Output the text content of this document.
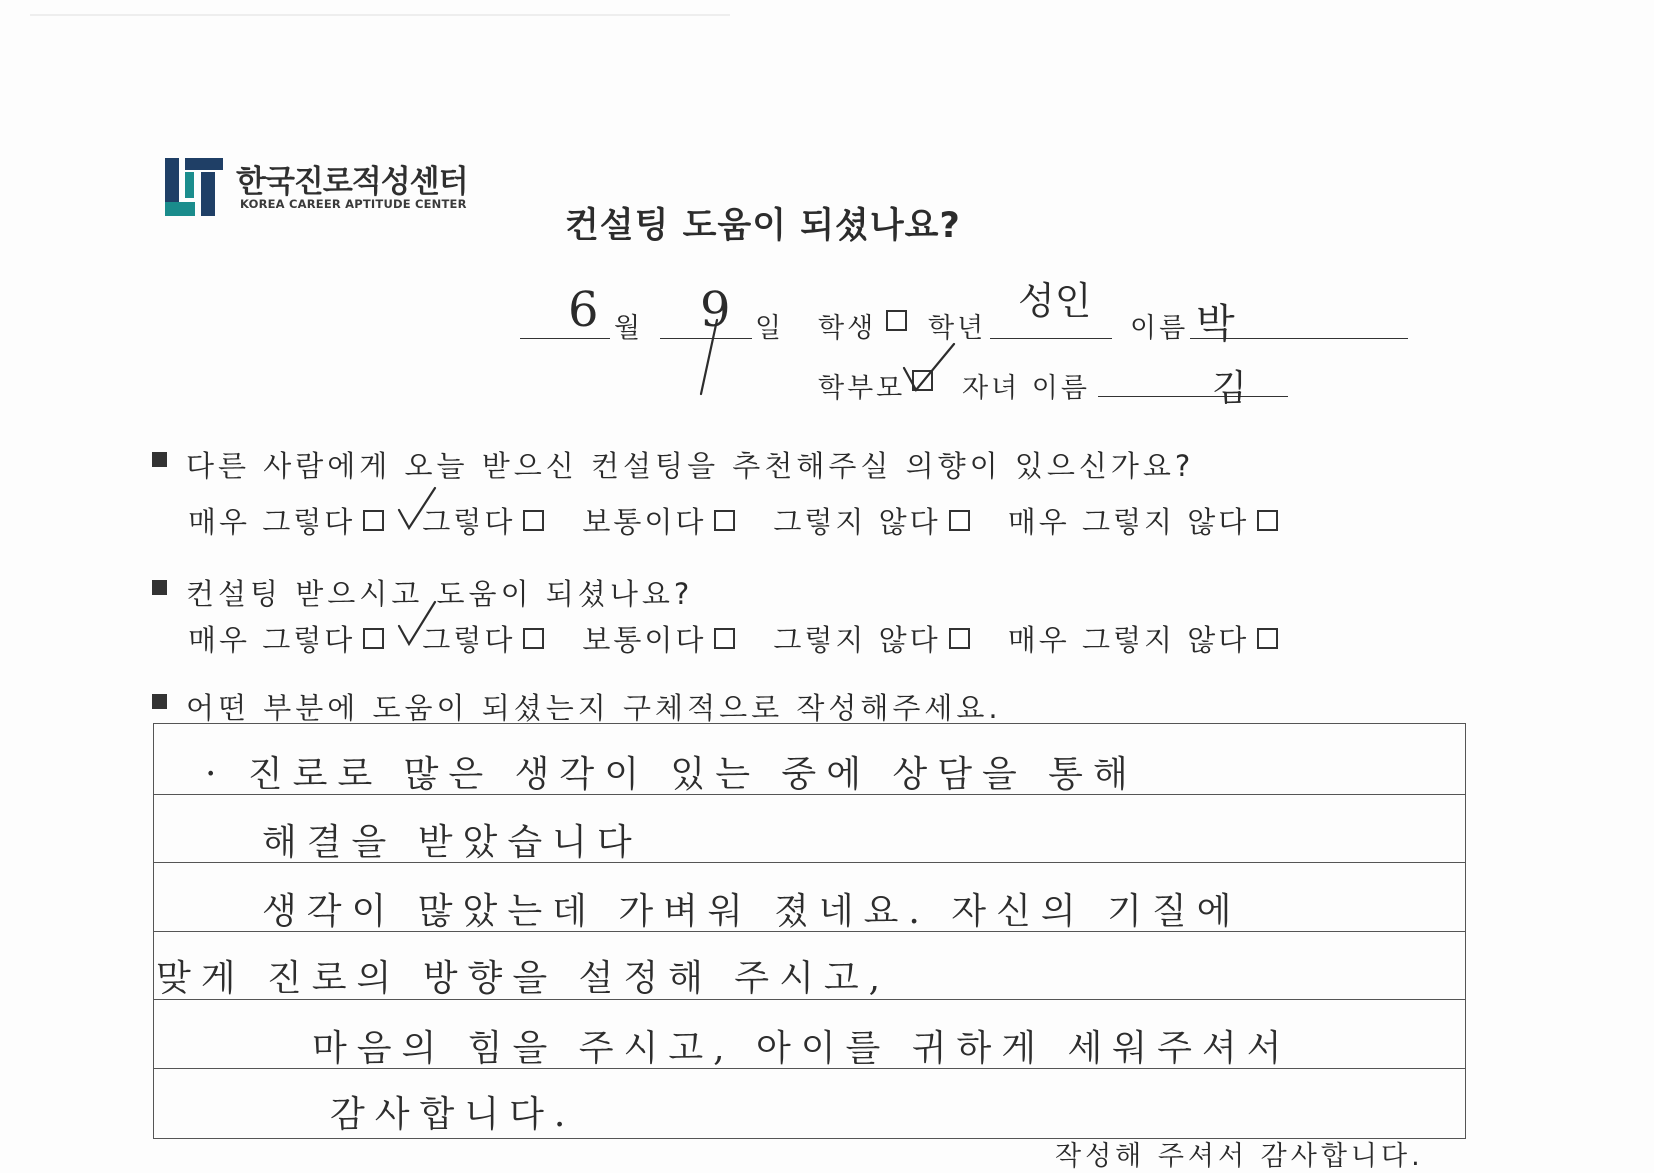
한국진로적성센터
KOREA CAREER APTITUDE CENTER
컨설팅 도움이 되셨나요?
6 월 9 일 학생 학년
성인
이름 박
학부모 자녀 이름	김
다른 사람에게 오늘 받으신 컨설팅을 추천해주실 의향이 있으신가요?
매우 그렇다 그렇다 보통이다 그렇지 않다 매우 그렇지 않다
컨설팅 받으시고 도움이 되셨나요?
매우 그렇다 그렇다 보통이다 그렇지 않다 매우 그렇지 않다
어떤 부분에 도움이 되셨는지 구체적으로 작성해주세요.
· 진로로 많은 생각이 있는 중에 상담을 통해
해결을 받았습니다
생각이 많았는데 가벼워 졌네요. 자신의 기질에
맞게 진로의 방향을 설정해 주시고,
마음의 힘을 주시고, 아이를 귀하게 세워주셔서
감사합니다.
작성해 주셔서 감사합니다.
